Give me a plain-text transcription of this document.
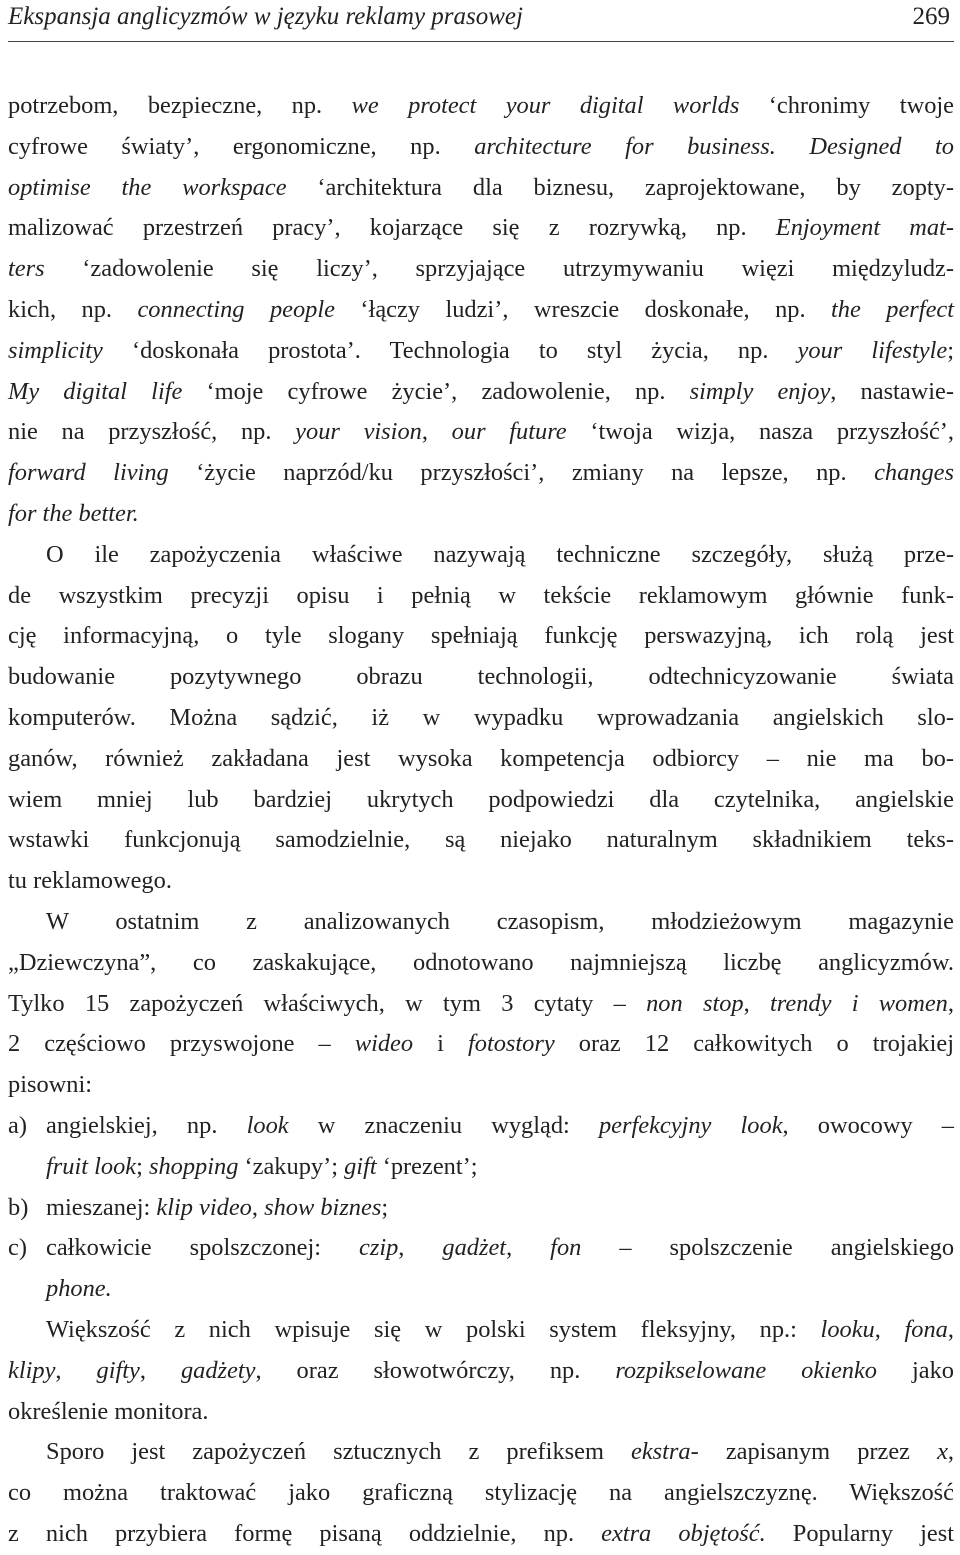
Ekspansja anglicyzmów w języku reklamy prasowej	269
potrzebom, bezpieczne, np. we protect your digital worlds ‘chronimy twoje
cyfrowe światy’, ergonomiczne, np. architecture for business. Designed to
optimise the workspace ‘architektura dla biznesu, zaprojektowane, by zopty-
malizować przestrzeń pracy’, kojarzące się z rozrywką, np. Enjoyment mat-
ters ‘zadowolenie się liczy’, sprzyjające utrzymywaniu więzi międzyludz-
kich, np. connecting people ‘łączy ludzi’, wreszcie doskonałe, np. the perfect
simplicity ‘doskonała prostota’. Technologia to styl życia, np. your lifestyle;
My digital life ‘moje cyfrowe życie’, zadowolenie, np. simply enjoy, nastawie-
nie na przyszłość, np. your vision, our future ‘twoja wizja, nasza przyszłość’,
forward living ‘życie naprzód/ku przyszłości’, zmiany na lepsze, np. changes
for the better.
O ile zapożyczenia właściwe nazywają techniczne szczegóły, służą prze-
de wszystkim precyzji opisu i pełnią w tekście reklamowym głównie funk-
cję informacyjną, o tyle slogany spełniają funkcję perswazyjną, ich rolą jest
budowanie pozytywnego obrazu technologii, odtechnicyzowanie świata
komputerów. Można sądzić, iż w wypadku wprowadzania angielskich slo-
ganów, również zakładana jest wysoka kompetencja odbiorcy – nie ma bo-
wiem mniej lub bardziej ukrytych podpowiedzi dla czytelnika, angielskie
wstawki funkcjonują samodzielnie, są niejako naturalnym składnikiem teks-
tu reklamowego.
W ostatnim z analizowanych czasopism, młodzieżowym magazynie
„Dziewczyna”, co zaskakujące, odnotowano najmniejszą liczbę anglicyzmów.
Tylko 15 zapożyczeń właściwych, w tym 3 cytaty – non stop, trendy i women,
2 częściowo przyswojone – wideo i fotostory oraz 12 całkowitych o trojakiej
pisowni:
a) angielskiej, np. look w znaczeniu wygląd: perfekcyjny look, owocowy –
fruit look; shopping ‘zakupy’; gift ‘prezent’;
b) mieszanej: klip video, show biznes;
c) całkowicie spolszczonej: czip, gadżet, fon – spolszczenie angielskiego
phone.
Większość z nich wpisuje się w polski system fleksyjny, np.: looku, fona,
klipy, gifty, gadżety, oraz słowotwórczy, np. rozpikselowane okienko jako
określenie monitora.
Sporo jest zapożyczeń sztucznych z prefiksem ekstra- zapisanym przez x,
co można traktować jako graficzną stylizację na angielszczyznę. Większość
z nich przybiera formę pisaną oddzielnie, np. extra objętość. Popularny jest
